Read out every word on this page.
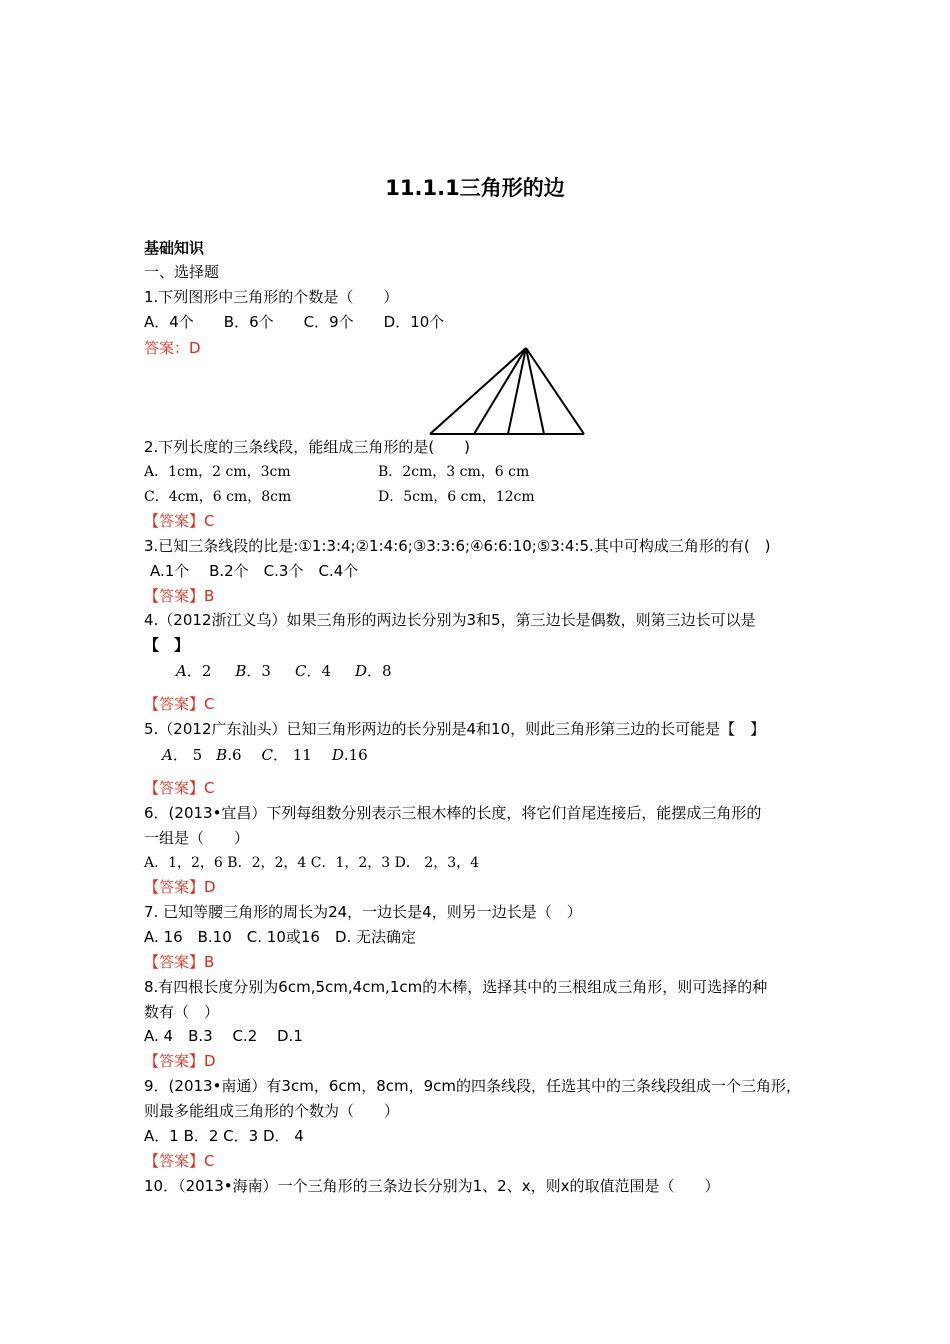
11.1.1三角形的边
基础知识
一、选择题
1.下列图形中三角形的个数是（　　）
A．4个　　B．6个　　C．9个　　D．10个
答案：D
2.下列长度的三条线段，能组成三角形的是(　　)
A．1cm，2 cm，3cm	B．2cm，3 cm，6 cm
C．4cm，6 cm，8cm	D．5cm，6 cm，12cm
【答案】C
3.已知三条线段的比是:①1:3:4;②1:4:6;③3:3:6;④6:6:10;⑤3:4:5.其中可构成三角形的有(　)
A.1个　 B.2个　C.3个　C.4个
【答案】B
4.（2012浙江义乌）如果三角形的两边长分别为3和5，第三边长是偶数，则第三边长可以是
【　】
A．2 B．3 C．4 D．8
【答案】C
5.（2012广东汕头）已知三角形两边的长分别是4和10，则此三角形第三边的长可能是【　】
A． 5 B.6 C． 11 D.16
【答案】C
6．(2013•宜昌）下列每组数分别表示三根木棒的长度，将它们首尾连接后，能摆成三角形的
一组是（　　）
A．1，2，6 B．2，2，4 C．1，2，3 D． 2，3，4
【答案】D
7. 已知等腰三角形的周长为24，一边长是4，则另一边长是（　）
A. 16　B.10　C. 10或16　D. 无法确定
【答案】B
8.有四根长度分别为6cm,5cm,4cm,1cm的木棒，选择其中的三根组成三角形，则可选择的种
数有（　）
A. 4　B.3　 C.2　 D.1
【答案】D
9．(2013•南通）有3cm，6cm，8cm，9cm的四条线段，任选其中的三条线段组成一个三角形，
则最多能组成三角形的个数为（　　）
A．1 B．2 C．3 D． 4
【答案】C
10．（2013•海南）一个三角形的三条边长分别为1、2、x，则x的取值范围是（　　）
